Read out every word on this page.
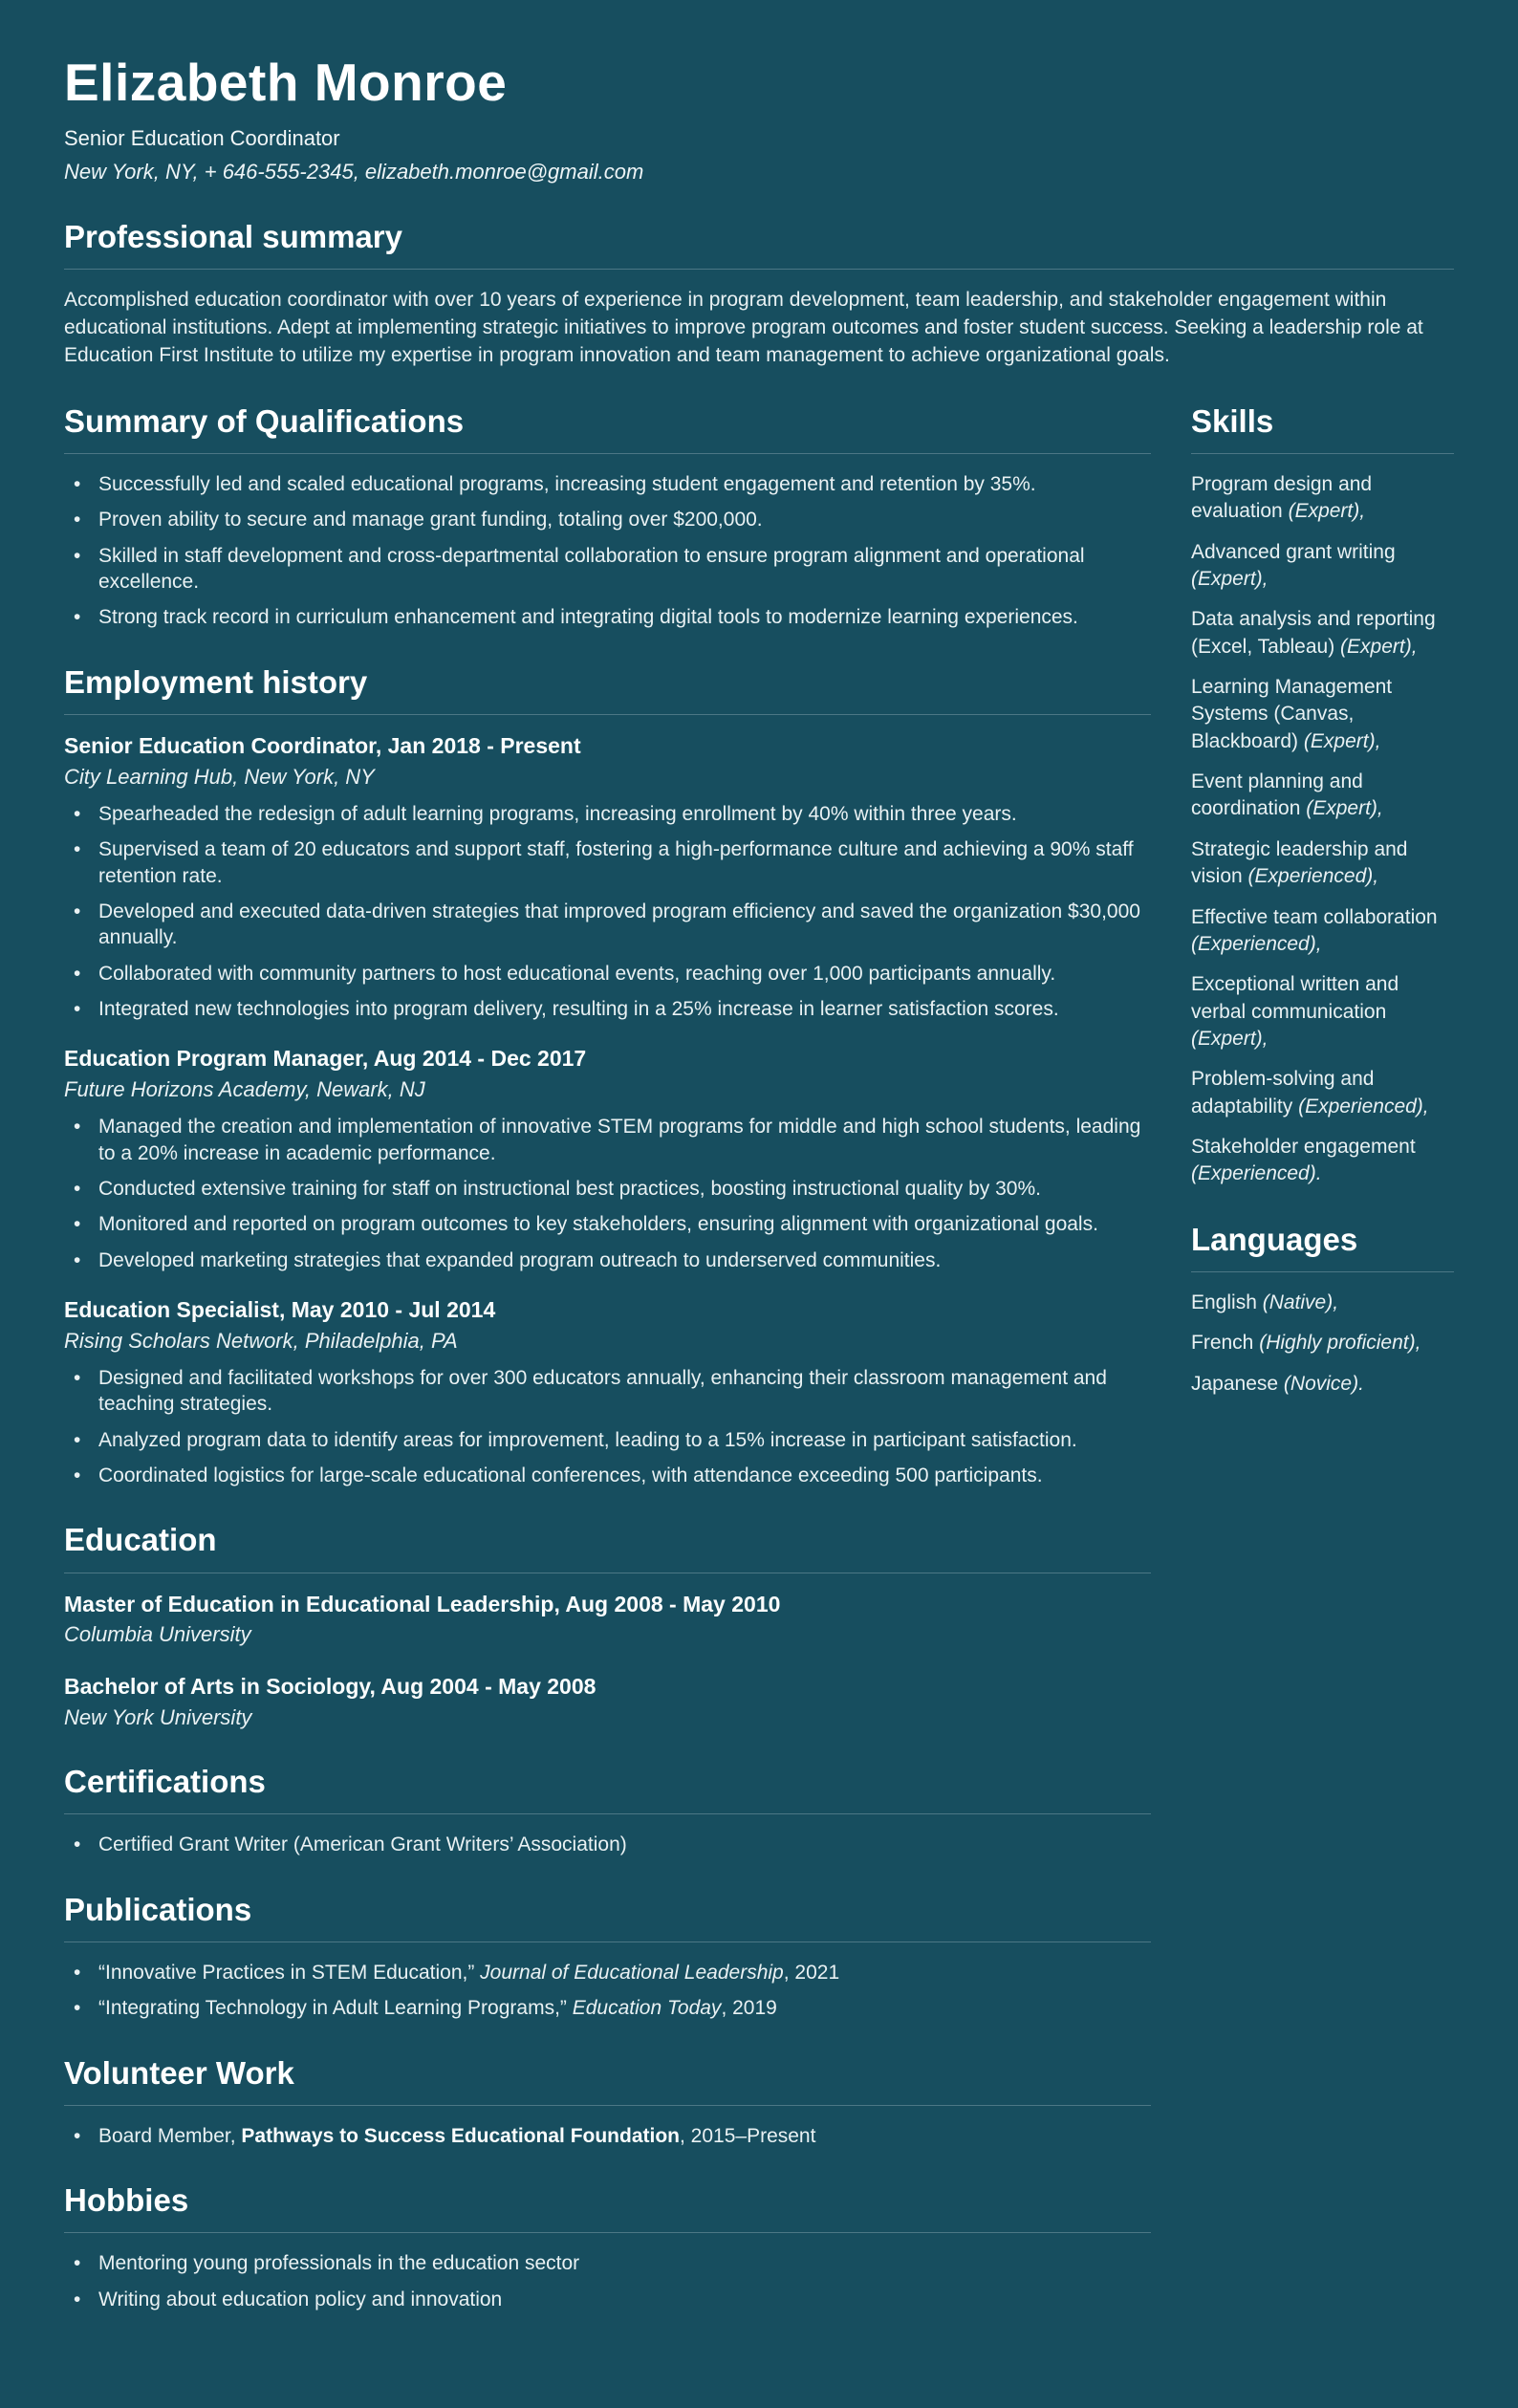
Elizabeth Monroe
Senior Education Coordinator
New York, NY, + 646-555-2345, elizabeth.monroe@gmail.com
Professional summary

Accomplished education coordinator with over 10 years of experience in program development, team leadership, and stakeholder engagement within educational institutions. Adept at implementing strategic initiatives to improve program outcomes and foster student success. Seeking a leadership role at Education First Institute to utilize my expertise in program innovation and team management to achieve organizational goals.

Summary of Qualifications
• Successfully led and scaled educational programs, increasing student engagement and retention by 35%.
• Proven ability to secure and manage grant funding, totaling over $200,000.
• Skilled in staff development and cross-departmental collaboration to ensure program alignment and operational excellence.
• Strong track record in curriculum enhancement and integrating digital tools to modernize learning experiences.
Employment history
Senior Education Coordinator, Jan 2018 - Present
City Learning Hub, New York, NY
• Spearheaded the redesign of adult learning programs, increasing enrollment by 40% within three years.
• Supervised a team of 20 educators and support staff, fostering a high-performance culture and achieving a 90% staff retention rate.
• Developed and executed data-driven strategies that improved program efficiency and saved the organization $30,000 annually.
• Collaborated with community partners to host educational events, reaching over 1,000 participants annually.
• Integrated new technologies into program delivery, resulting in a 25% increase in learner satisfaction scores.
Education Program Manager, Aug 2014 - Dec 2017
Future Horizons Academy, Newark, NJ
• Managed the creation and implementation of innovative STEM programs for middle and high school students, leading to a 20% increase in academic performance.
• Conducted extensive training for staff on instructional best practices, boosting instructional quality by 30%.
• Monitored and reported on program outcomes to key stakeholders, ensuring alignment with organizational goals.
• Developed marketing strategies that expanded program outreach to underserved communities.
Education Specialist, May 2010 - Jul 2014
Rising Scholars Network, Philadelphia, PA
• Designed and facilitated workshops for over 300 educators annually, enhancing their classroom management and teaching strategies.
• Analyzed program data to identify areas for improvement, leading to a 15% increase in participant satisfaction.
• Coordinated logistics for large-scale educational conferences, with attendance exceeding 500 participants.
Education
Master of Education in Educational Leadership, Aug 2008 - May 2010
Columbia University
Bachelor of Arts in Sociology, Aug 2004 - May 2008
New York University
Certifications
• Certified Grant Writer (American Grant Writers’ Association)
Publications
• “Innovative Practices in STEM Education,” Journal of Educational Leadership, 2021
• “Integrating Technology in Adult Learning Programs,” Education Today, 2019
Volunteer Work
• Board Member, Pathways to Success Educational Foundation, 2015–Present
Hobbies
• Mentoring young professionals in the education sector
• Writing about education policy and innovation
Skills
Program design and evaluation (Expert),
Advanced grant writing (Expert),
Data analysis and reporting (Excel, Tableau) (Expert),
Learning Management Systems (Canvas, Blackboard) (Expert),
Event planning and coordination (Expert),
Strategic leadership and vision (Experienced),
Effective team collaboration (Experienced),
Exceptional written and verbal communication (Expert),
Problem-solving and adaptability (Experienced),
Stakeholder engagement (Experienced).
Languages
English (Native),
French (Highly proficient),
Japanese (Novice).
